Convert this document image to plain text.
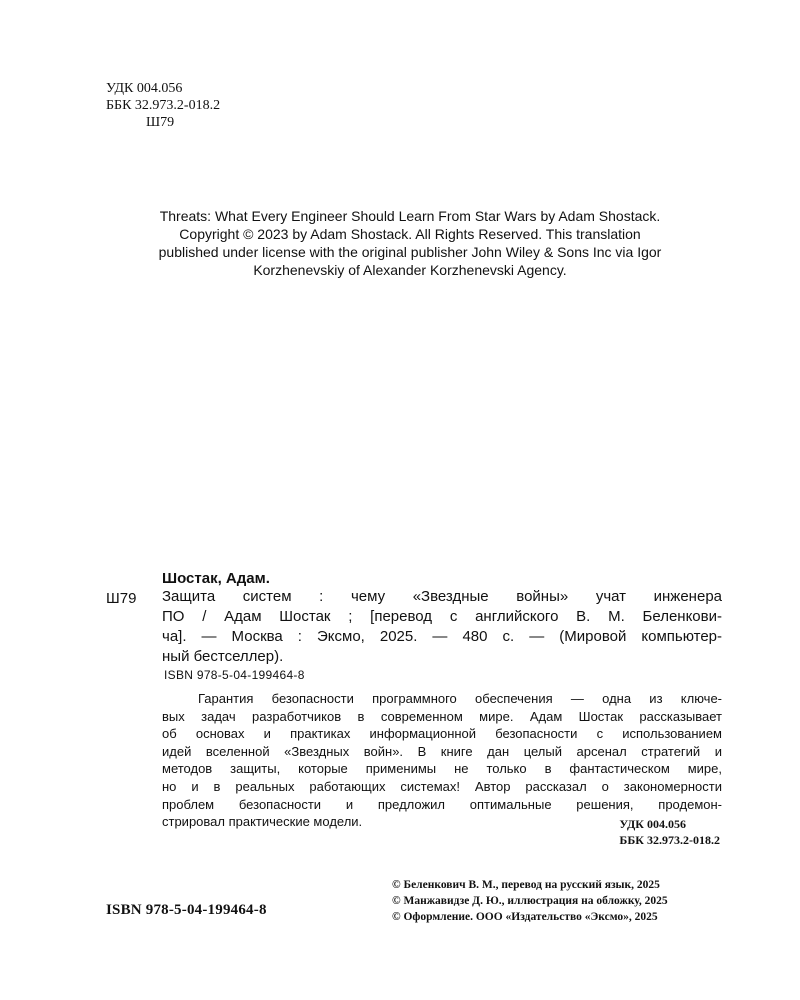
УДК 004.056
ББК 32.973.2-018.2
Ш79
Threats: What Every Engineer Should Learn From Star Wars by Adam Shostack.
Copyright © 2023 by Adam Shostack. All Rights Reserved. This translation
published under license with the original publisher John Wiley & Sons Inc via Igor
Korzhenevskiy of Alexander Korzhenevski Agency.
Шостак, Адам.
Ш79 Защита систем : чему «Звездные войны» учат инженера
ПО / Адам Шостак ; [перевод с английского В. М. Беленкови-
ча]. — Москва : Эксмо, 2025. — 480 с. — (Мировой компьютер-
ный бестселлер).
ISBN 978-5-04-199464-8
Гарантия безопасности программного обеспечения — одна из ключе-
вых задач разработчиков в современном мире. Адам Шостак рассказывает
об основах и практиках информационной безопасности с использованием
идей вселенной «Звездных войн». В книге дан целый арсенал стратегий и
методов защиты, которые применимы не только в фантастическом мире,
но и в реальных работающих системах! Автор рассказал о закономерности
проблем безопасности и предложил оптимальные решения, продемон-
стрировал практические модели.	УДК 004.056
ББК 32.973.2-018.2
ISBN 978-5-04-199464-8
© Беленкович В. М., перевод на русский язык, 2025
© Манжавидзе Д. Ю., иллюстрация на обложку, 2025
© Оформление. ООО «Издательство «Эксмо», 2025
